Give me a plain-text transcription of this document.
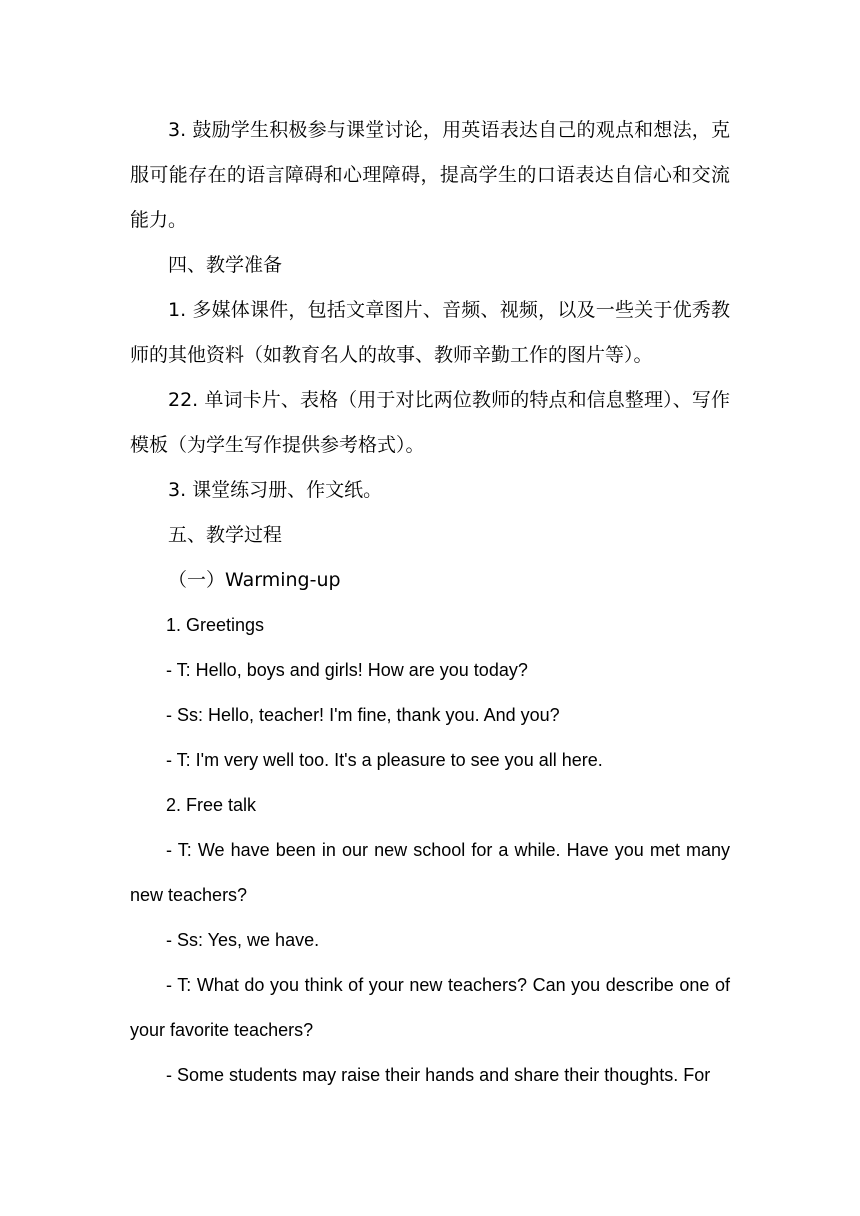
3. 鼓励学生积极参与课堂讨论，用英语表达自己的观点和想法，克服可能存在的语言障碍和心理障碍，提高学生的口语表达自信心和交流能力。

四、教学准备

1. 多媒体课件，包括文章图片、音频、视频，以及一些关于优秀教师的其他资料（如教育名人的故事、教师辛勤工作的图片等）。

22. 单词卡片、表格（用于对比两位教师的特点和信息整理）、写作模板（为学生写作提供参考格式）。

3. 课堂练习册、作文纸。

五、教学过程

（一）Warming-up

1. Greetings

- T: Hello, boys and girls! How are you today?

- Ss: Hello, teacher! I'm fine, thank you. And you?

- T: I'm very well too. It's a pleasure to see you all here.

2. Free talk

- T: We have been in our new school for a while. Have you met many new teachers?

- Ss: Yes, we have.

- T: What do you think of your new teachers? Can you describe one of your favorite teachers?

- Some students may raise their hands and share their thoughts. For
